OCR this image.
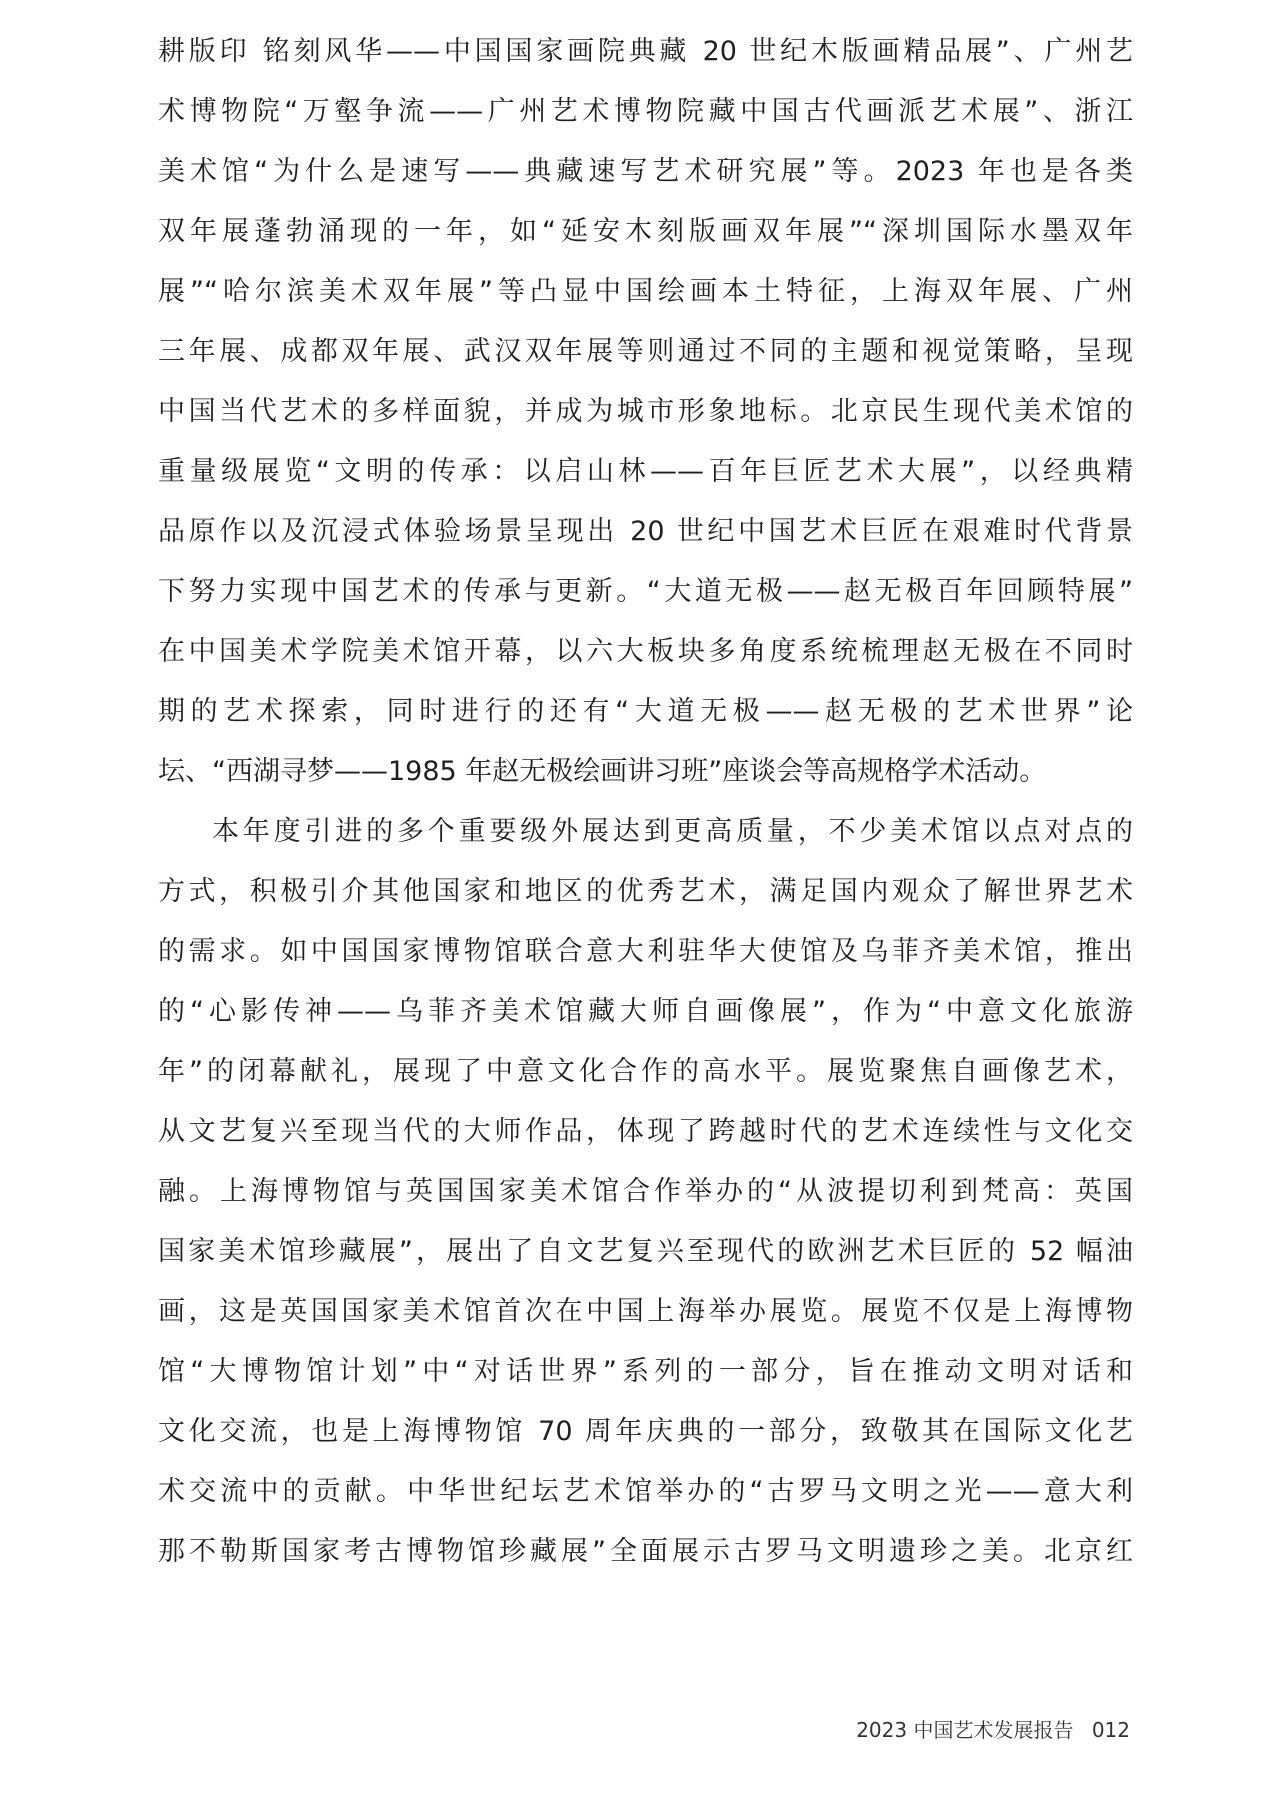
耕版印 铭刻风华——中国国家画院典藏 20 世纪木版画精品展”、广州艺
术博物院“万壑争流——广州艺术博物院藏中国古代画派艺术展”、浙江
美术馆“为什么是速写——典藏速写艺术研究展”等。2023 年也是各类
双年展蓬勃涌现的一年，如“延安木刻版画双年展”“深圳国际水墨双年
展”“哈尔滨美术双年展”等凸显中国绘画本土特征，上海双年展、广州
三年展、成都双年展、武汉双年展等则通过不同的主题和视觉策略，呈现
中国当代艺术的多样面貌，并成为城市形象地标。北京民生现代美术馆的
重量级展览“文明的传承：以启山林——百年巨匠艺术大展”，以经典精
品原作以及沉浸式体验场景呈现出 20 世纪中国艺术巨匠在艰难时代背景
下努力实现中国艺术的传承与更新。“大道无极——赵无极百年回顾特展”
在中国美术学院美术馆开幕，以六大板块多角度系统梳理赵无极在不同时
期的艺术探索，同时进行的还有“大道无极——赵无极的艺术世界”论
坛、“西湖寻梦——1985 年赵无极绘画讲习班”座谈会等高规格学术活动。
本年度引进的多个重要级外展达到更高质量，不少美术馆以点对点的
方式，积极引介其他国家和地区的优秀艺术，满足国内观众了解世界艺术
的需求。如中国国家博物馆联合意大利驻华大使馆及乌菲齐美术馆，推出
的“心影传神——乌菲齐美术馆藏大师自画像展”，作为“中意文化旅游
年”的闭幕献礼，展现了中意文化合作的高水平。展览聚焦自画像艺术，
从文艺复兴至现当代的大师作品，体现了跨越时代的艺术连续性与文化交
融。上海博物馆与英国国家美术馆合作举办的“从波提切利到梵高：英国
国家美术馆珍藏展”，展出了自文艺复兴至现代的欧洲艺术巨匠的 52 幅油
画，这是英国国家美术馆首次在中国上海举办展览。展览不仅是上海博物
馆“大博物馆计划”中“对话世界”系列的一部分，旨在推动文明对话和
文化交流，也是上海博物馆 70 周年庆典的一部分，致敬其在国际文化艺
术交流中的贡献。中华世纪坛艺术馆举办的“古罗马文明之光——意大利
那不勒斯国家考古博物馆珍藏展”全面展示古罗马文明遗珍之美。北京红
2023 中国艺术发展报告 012
